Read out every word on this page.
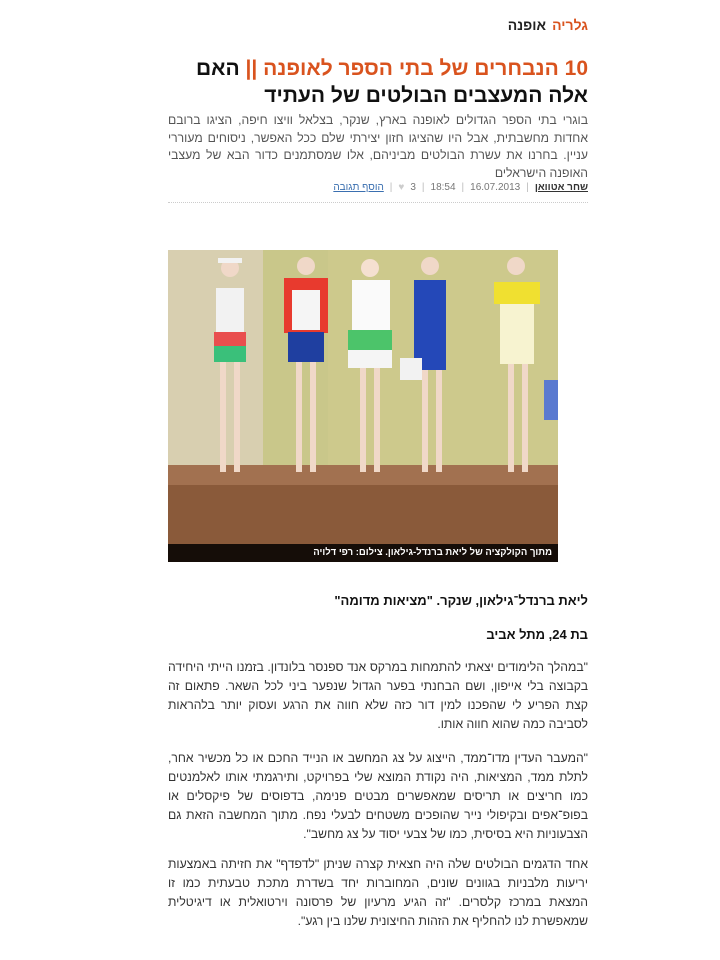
גלריה
אופנה
10 הנבחרים של בתי הספר לאופנה || האם
אלה המעצבים הבולטים של העתיד

בוגרי בתי הספר הגדולים לאופנה בארץ, שנקר, בצלאל וויצו חיפה, הציגו ברובם אחדות מחשבתית, אבל היו שהציגו חזון יצירתי שלם ככל האפשר, ניסוחים מעוררי עניין. בחרנו את עשרת הבולטים מביניהם, אלו שמסתמנים כדור הבא של מעצבי האופנה הישראלים

שחר אטוואן
|
16.07.2013
|
18:54
|
3
♥
|
הוסף תגובה
ליאת ברנדל־גילאון, שנקר. "מציאות מדומה"
בת 24, מתל אביב

"במהלך הלימודים יצאתי להתמחות במרקס אנד ספנסר בלונדון. בזמנו הייתי היחידה בקבוצה בלי אייפון, ושם הבחנתי בפער הגדול שנפער ביני לכל השאר. פתאום זה קצת הפריע לי שהפכנו למין דור כזה שלא חווה את הרגע ועסוק יותר בלהראות לסביבה כמה שהוא חווה אותו.

"המעבר העדין מדו־ממד, הייצוג על צג המחשב או הנייד החכם או כל מכשיר אחר, לתלת ממד, המציאות, היה נקודת המוצא שלי בפרויקט, ותירגמתי אותו לאלמנטים כמו חריצים או תריסים שמאפשרים מבטים פנימה, בדפוסים של פיקסלים או בפופ־אפים ובקיפולי נייר שהופכים משטחים לבעלי נפח. מתוך המחשבה הזאת גם הצבעוניות היא בסיסית, כמו של צבעי יסוד על צג מחשב".

אחד הדגמים הבולטים שלה היה חצאית קצרה שניתן "לדפדף" את חזיתה באמצעות יריעות מלבניות בגוונים שונים, המחוברות יחד בשדרת מתכת טבעתית כמו זו המצאת במרכז קלסרים. "זה הגיע מרעיון של פרסונה וירטואלית או דיגיטלית שמאפשרת לנו להחליף את הזהות החיצונית שלנו בין רגע".

מתוך הקולקציה של ליאת ברנדל-גילאון. צילום: רפי דלויה
